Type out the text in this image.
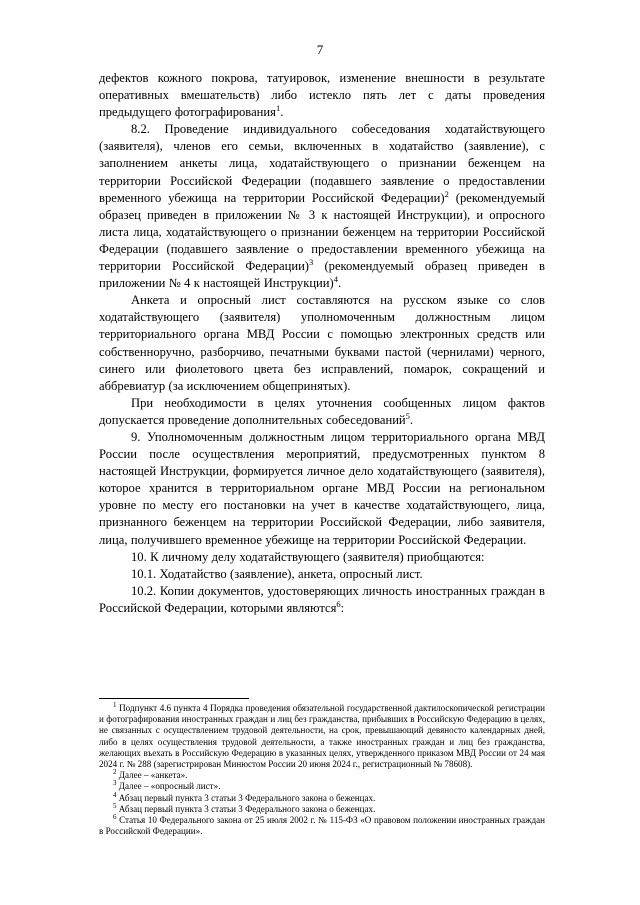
7

дефектов кожного покрова, татуировок, изменение внешности в результате оперативных вмешательств) либо истекло пять лет с даты проведения предыдущего фотографирования$^1$.

8.2. Проведение индивидуального собеседования ходатайствующего (заявителя), членов его семьи, включенных в ходатайство (заявление), с заполнением анкеты лица, ходатайствующего о признании беженцем на территории Российской Федерации (подавшего заявление о предоставлении временного убежища на территории Российской Федерации)$^2$ (рекомендуемый образец приведен в приложении № 3 к настоящей Инструкции), и опросного листа лица, ходатайствующего о признании беженцем на территории Российской Федерации (подавшего заявление о предоставлении временного убежища на территории Российской Федерации)$^3$ (рекомендуемый образец приведен в приложении № 4 к настоящей Инструкции)$^4$.

Анкета и опросный лист составляются на русском языке со слов ходатайствующего (заявителя) уполномоченным должностным лицом территориального органа МВД России с помощью электронных средств или собственноручно, разборчиво, печатными буквами пастой (чернилами) черного, синего или фиолетового цвета без исправлений, помарок, сокращений и аббревиатур (за исключением общепринятых).

При необходимости в целях уточнения сообщенных лицом фактов допускается проведение дополнительных собеседований$^5$.

9. Уполномоченным должностным лицом территориального органа МВД России после осуществления мероприятий, предусмотренных пунктом 8 настоящей Инструкции, формируется личное дело ходатайствующего (заявителя), которое хранится в территориальном органе МВД России на региональном уровне по месту его постановки на учет в качестве ходатайствующего, лица, признанного беженцем на территории Российской Федерации, либо заявителя, лица, получившего временное убежище на территории Российской Федерации.

10. К личному делу ходатайствующего (заявителя) приобщаются:

10.1. Ходатайство (заявление), анкета, опросный лист.

10.2. Копии документов, удостоверяющих личность иностранных граждан в Российской Федерации, которыми являются$^6$:

$^1$ Подпункт 4.6 пункта 4 Порядка проведения обязательной государственной дактилоскопической регистрации и фотографирования иностранных граждан и лиц без гражданства, прибывших в Российскую Федерацию в целях, не связанных с осуществлением трудовой деятельности, на срок, превышающий девяносто календарных дней, либо в целях осуществления трудовой деятельности, а также иностранных граждан и лиц без гражданства, желающих въехать в Российскую Федерацию в указанных целях, утвержденного приказом МВД России от 24 мая 2024 г. № 288 (зарегистрирован Минюстом России 20 июня 2024 г., регистрационный № 78608).

$^2$ Далее – «анкета».

$^3$ Далее – «опросный лист».

$^4$ Абзац первый пункта 3 статьи 3 Федерального закона о беженцах.

$^5$ Абзац первый пункта 3 статьи 3 Федерального закона о беженцах.

$^6$ Статья 10 Федерального закона от 25 июля 2002 г. № 115-ФЗ «О правовом положении иностранных граждан в Российской Федерации».
